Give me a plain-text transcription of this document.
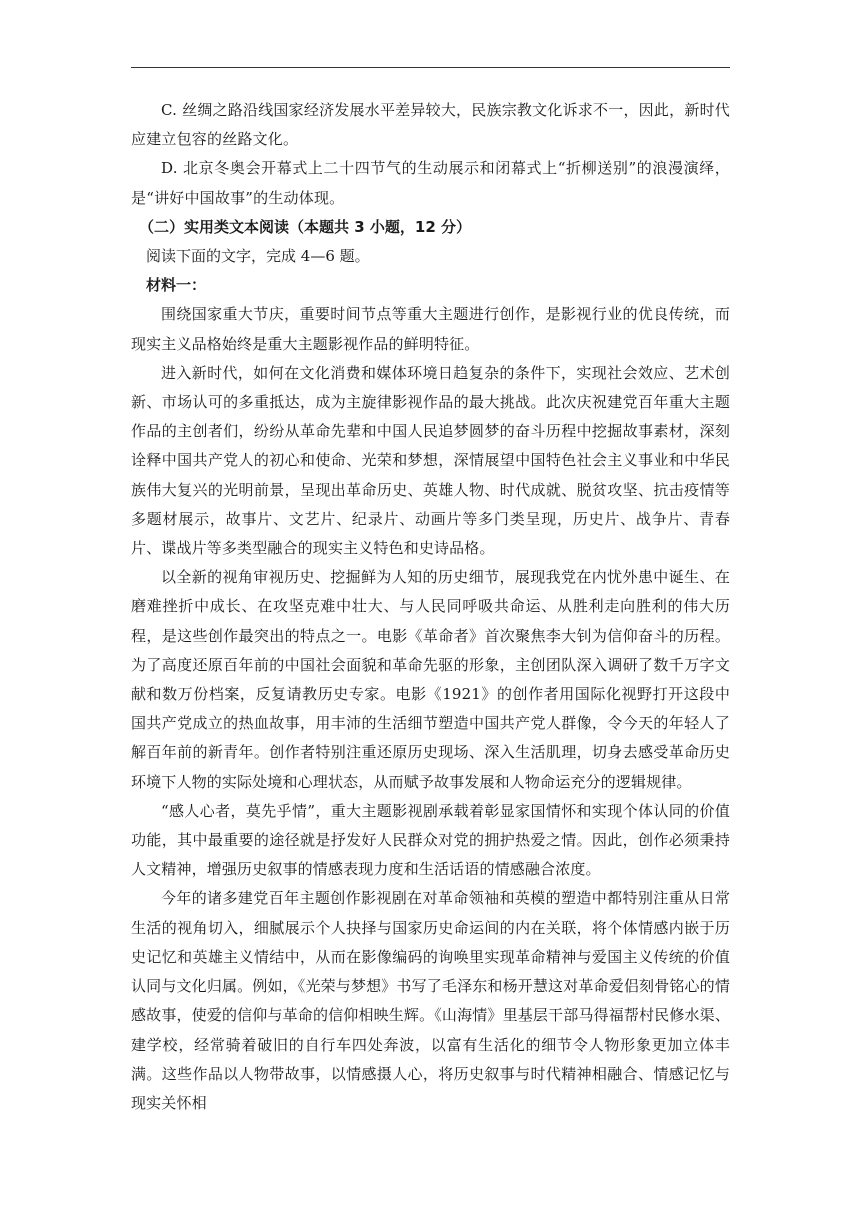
C. 丝绸之路沿线国家经济发展水平差异较大，民族宗教文化诉求不一，因此，新时代应建立包容的丝路文化。

D. 北京冬奥会开幕式上二十四节气的生动展示和闭幕式上“折柳送别”的浪漫演绎，是“讲好中国故事”的生动体现。

（二）实用类文本阅读（本题共 3 小题，12 分）

阅读下面的文字，完成 4—6 题。

材料一：

围绕国家重大节庆，重要时间节点等重大主题进行创作，是影视行业的优良传统，而现实主义品格始终是重大主题影视作品的鲜明特征。

进入新时代，如何在文化消费和媒体环境日趋复杂的条件下，实现社会效应、艺术创新、市场认可的多重抵达，成为主旋律影视作品的最大挑战。此次庆祝建党百年重大主题作品的主创者们，纷纷从革命先辈和中国人民追梦圆梦的奋斗历程中挖掘故事素材，深刻诠释中国共产党人的初心和使命、光荣和梦想，深情展望中国特色社会主义事业和中华民族伟大复兴的光明前景，呈现出革命历史、英雄人物、时代成就、脱贫攻坚、抗击疫情等多题材展示，故事片、文艺片、纪录片、动画片等多门类呈现，历史片、战争片、青春片、谍战片等多类型融合的现实主义特色和史诗品格。

以全新的视角审视历史、挖掘鲜为人知的历史细节，展现我党在内忧外患中诞生、在磨难挫折中成长、在攻坚克难中壮大、与人民同呼吸共命运、从胜利走向胜利的伟大历程，是这些创作最突出的特点之一。电影《革命者》首次聚焦李大钊为信仰奋斗的历程。为了高度还原百年前的中国社会面貌和革命先驱的形象，主创团队深入调研了数千万字文献和数万份档案，反复请教历史专家。电影《1921》的创作者用国际化视野打开这段中国共产党成立的热血故事，用丰沛的生活细节塑造中国共产党人群像，令今天的年轻人了解百年前的新青年。创作者特别注重还原历史现场、深入生活肌理，切身去感受革命历史环境下人物的实际处境和心理状态，从而赋予故事发展和人物命运充分的逻辑规律。

“感人心者，莫先乎情”，重大主题影视剧承载着彰显家国情怀和实现个体认同的价值功能，其中最重要的途径就是抒发好人民群众对党的拥护热爱之情。因此，创作必须秉持人文精神，增强历史叙事的情感表现力度和生活话语的情感融合浓度。

今年的诸多建党百年主题创作影视剧在对革命领袖和英模的塑造中都特别注重从日常生活的视角切入，细腻展示个人抉择与国家历史命运间的内在关联，将个体情感内嵌于历史记忆和英雄主义情结中，从而在影像编码的询唤里实现革命精神与爱国主义传统的价值认同与文化归属。例如，《光荣与梦想》书写了毛泽东和杨开慧这对革命爱侣刻骨铭心的情感故事，使爱的信仰与革命的信仰相映生辉。《山海情》里基层干部马得福帮村民修水渠、建学校，经常骑着破旧的自行车四处奔波，以富有生活化的细节令人物形象更加立体丰满。这些作品以人物带故事，以情感摄人心，将历史叙事与时代精神相融合、情感记忆与现实关怀相
